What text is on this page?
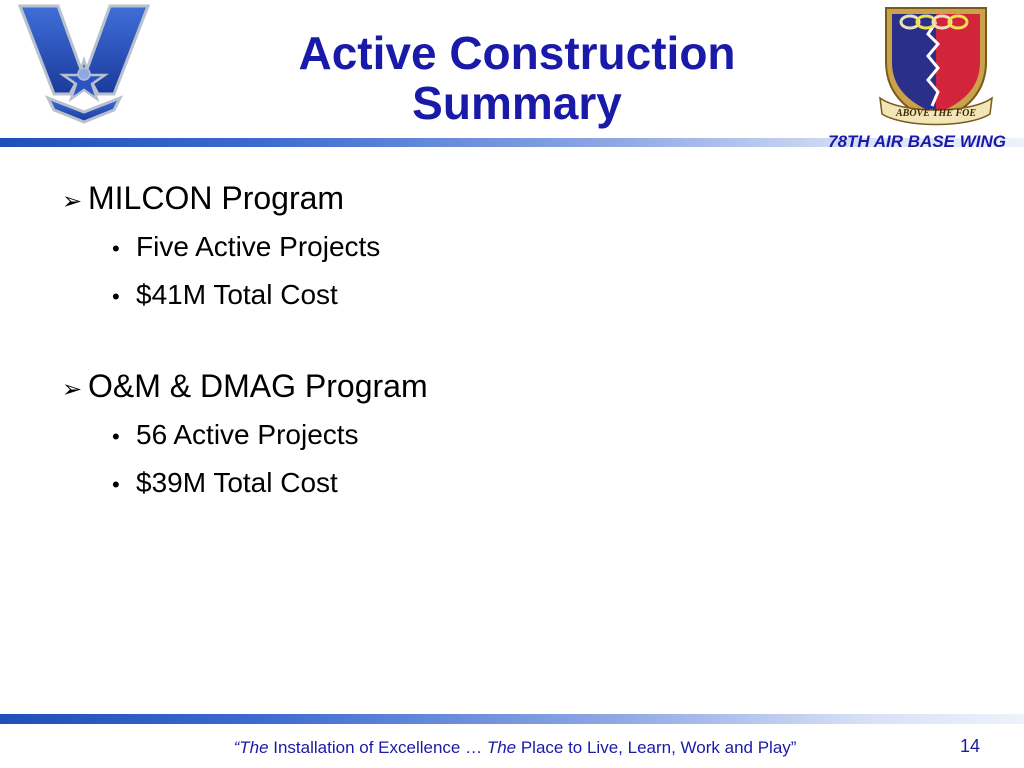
Active Construction
Summary	ABOVE THE FOE
78TH AIR BASE WING
➢ MILCON Program
• Five Active Projects
• $41M Total Cost
➢ O&M & DMAG Program
• 56 Active Projects
• $39M Total Cost
“The Installation of Excellence … The Place to Live, Learn, Work and Play”	14
